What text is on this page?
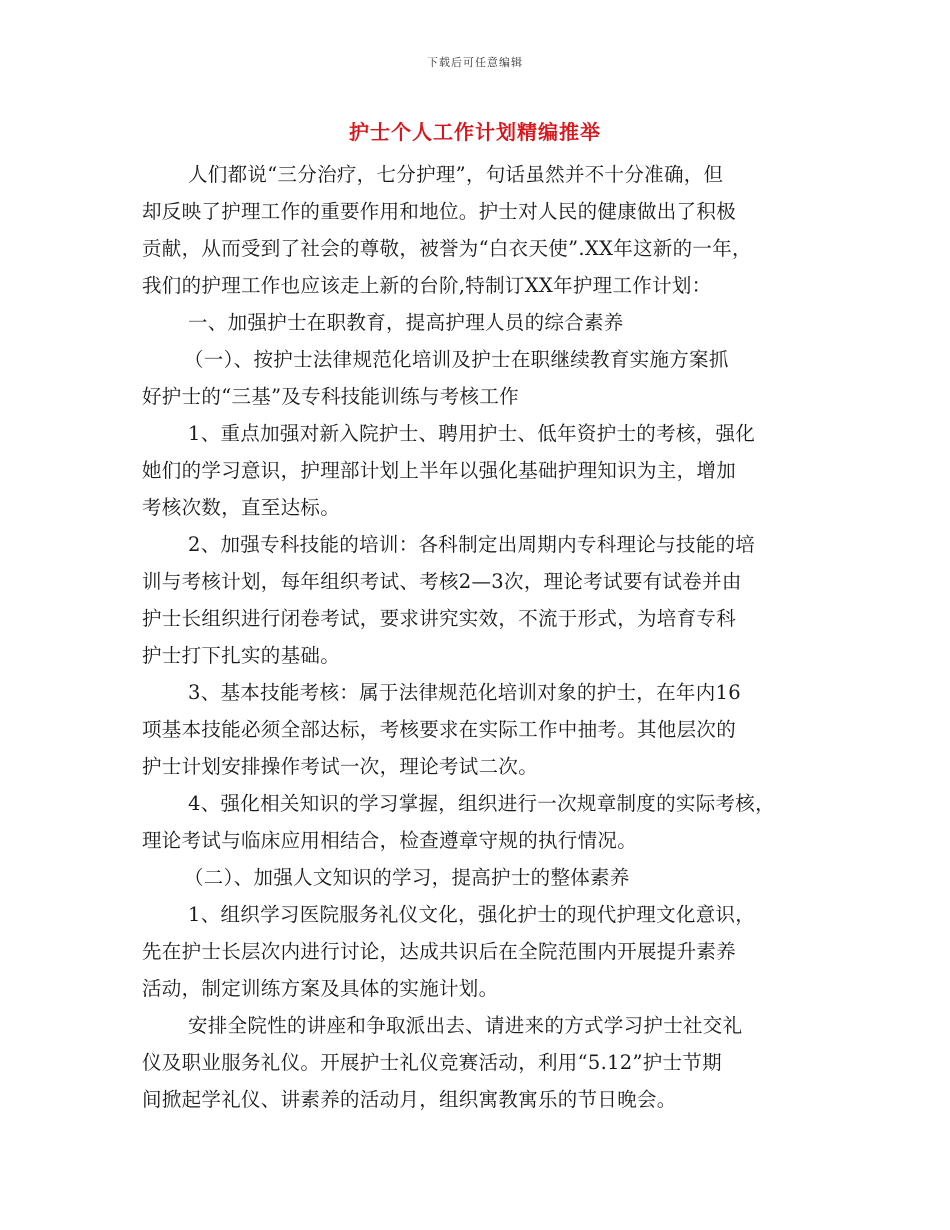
下载后可任意编辑
护士个人工作计划精编推举

人们都说“三分治疗，七分护理”，句话虽然并不十分准确，但
却反映了护理工作的重要作用和地位。护士对人民的健康做出了积极
贡献，从而受到了社会的尊敬，被誉为“白衣天使”.XX年这新的一年，
我们的护理工作也应该走上新的台阶,特制订XX年护理工作计划：

一、加强护士在职教育，提高护理人员的综合素养

（一）、按护士法律规范化培训及护士在职继续教育实施方案抓
好护士的“三基”及专科技能训练与考核工作

1、重点加强对新入院护士、聘用护士、低年资护士的考核，强化
她们的学习意识，护理部计划上半年以强化基础护理知识为主，增加
考核次数，直至达标。

2、加强专科技能的培训：各科制定出周期内专科理论与技能的培
训与考核计划，每年组织考试、考核2—3次，理论考试要有试卷并由
护士长组织进行闭卷考试，要求讲究实效，不流于形式，为培育专科
护士打下扎实的基础。

3、基本技能考核：属于法律规范化培训对象的护士，在年内16
项基本技能必须全部达标，考核要求在实际工作中抽考。其他层次的
护士计划安排操作考试一次，理论考试二次。

4、强化相关知识的学习掌握，组织进行一次规章制度的实际考核，
理论考试与临床应用相结合，检查遵章守规的执行情况。

（二）、加强人文知识的学习，提高护士的整体素养

1、组织学习医院服务礼仪文化，强化护士的现代护理文化意识，
先在护士长层次内进行讨论，达成共识后在全院范围内开展提升素养
活动，制定训练方案及具体的实施计划。

安排全院性的讲座和争取派出去、请进来的方式学习护士社交礼
仪及职业服务礼仪。开展护士礼仪竞赛活动，利用“5.12”护士节期
间掀起学礼仪、讲素养的活动月，组织寓教寓乐的节日晚会。
